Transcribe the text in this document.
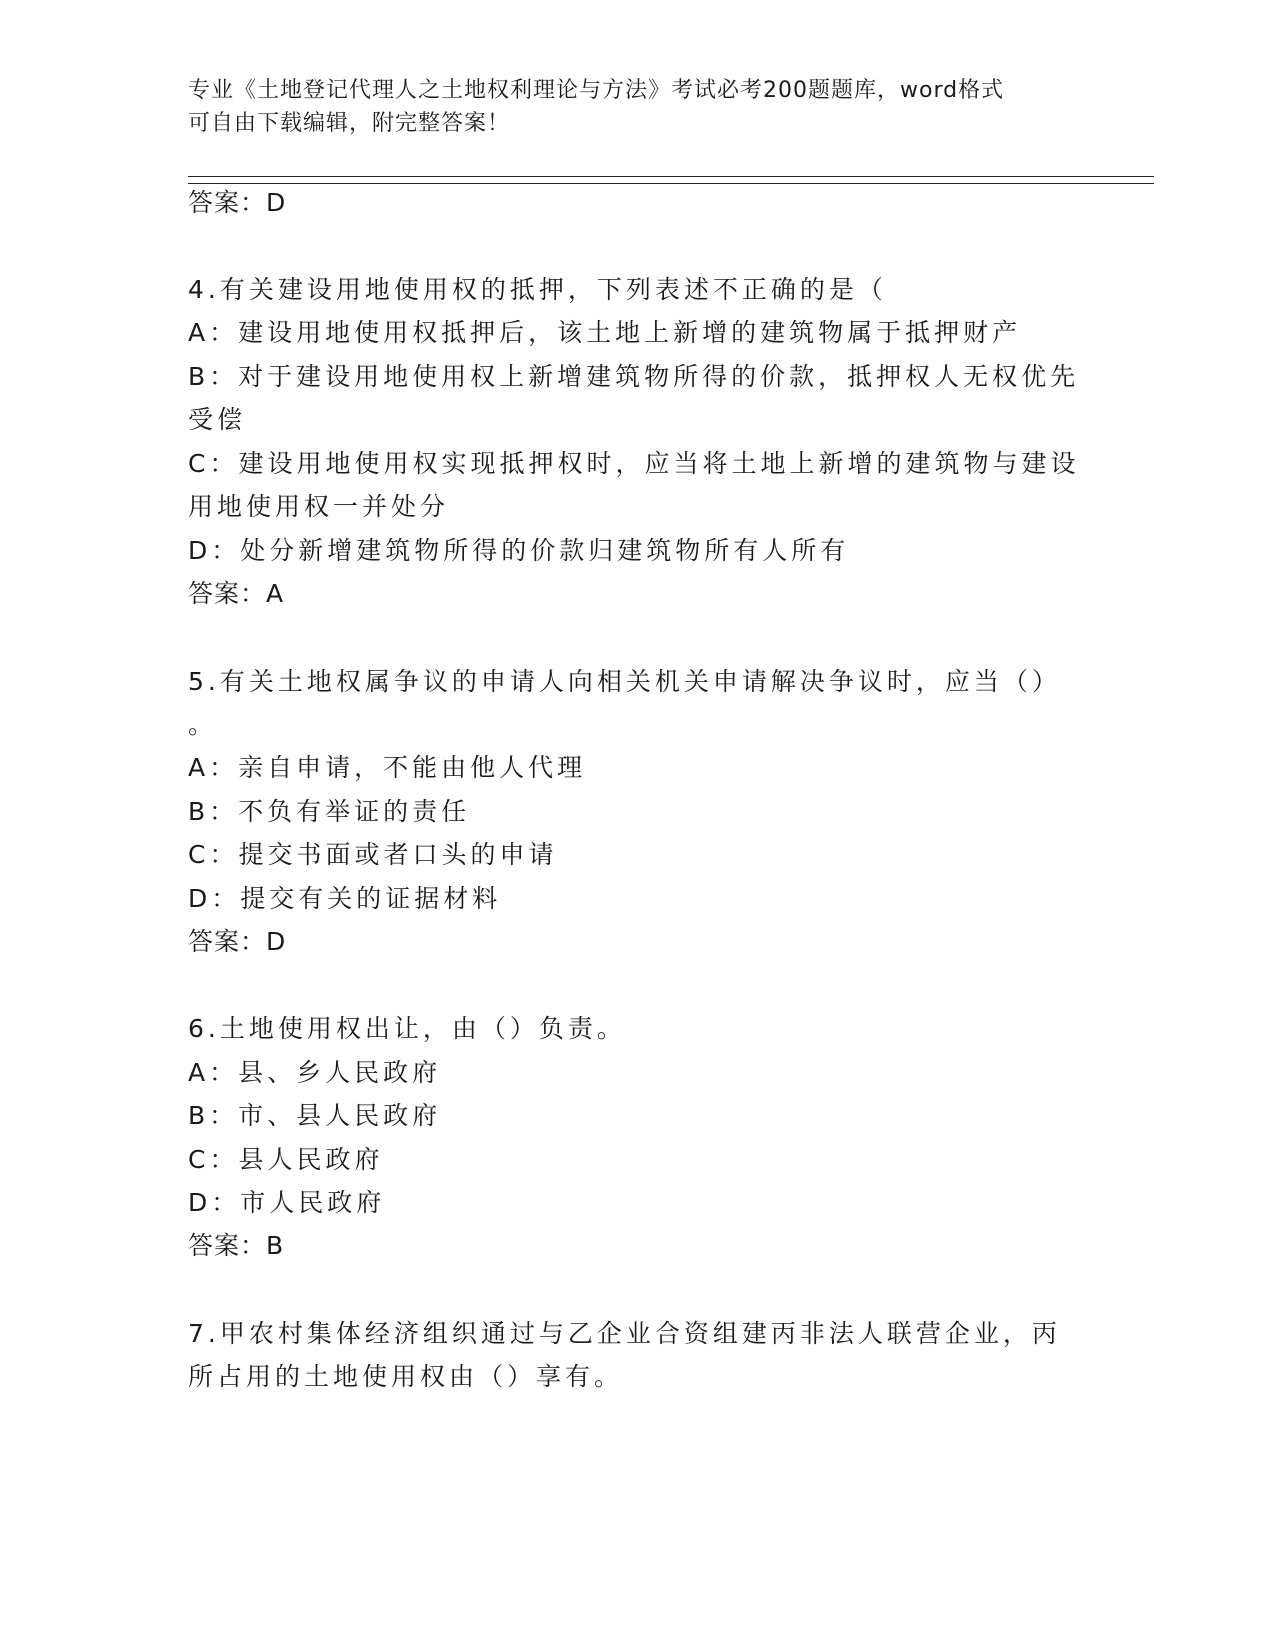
专业《土地登记代理人之土地权利理论与方法》考试必考200题题库，word格式
可自由下载编辑，附完整答案！
答案：D
4.有关建设用地使用权的抵押，下列表述不正确的是（
A：建设用地使用权抵押后，该土地上新增的建筑物属于抵押财产
B：对于建设用地使用权上新增建筑物所得的价款，抵押权人无权优先
受偿
C：建设用地使用权实现抵押权时，应当将土地上新增的建筑物与建设
用地使用权一并处分
D：处分新增建筑物所得的价款归建筑物所有人所有
答案：A
5.有关土地权属争议的申请人向相关机关申请解决争议时，应当（）
。
A：亲自申请，不能由他人代理
B：不负有举证的责任
C：提交书面或者口头的申请
D：提交有关的证据材料
答案：D
6.土地使用权出让，由（）负责。
A：县、乡人民政府
B：市、县人民政府
C：县人民政府
D：市人民政府
答案：B
7.甲农村集体经济组织通过与乙企业合资组建丙非法人联营企业，丙
所占用的土地使用权由（）享有。
